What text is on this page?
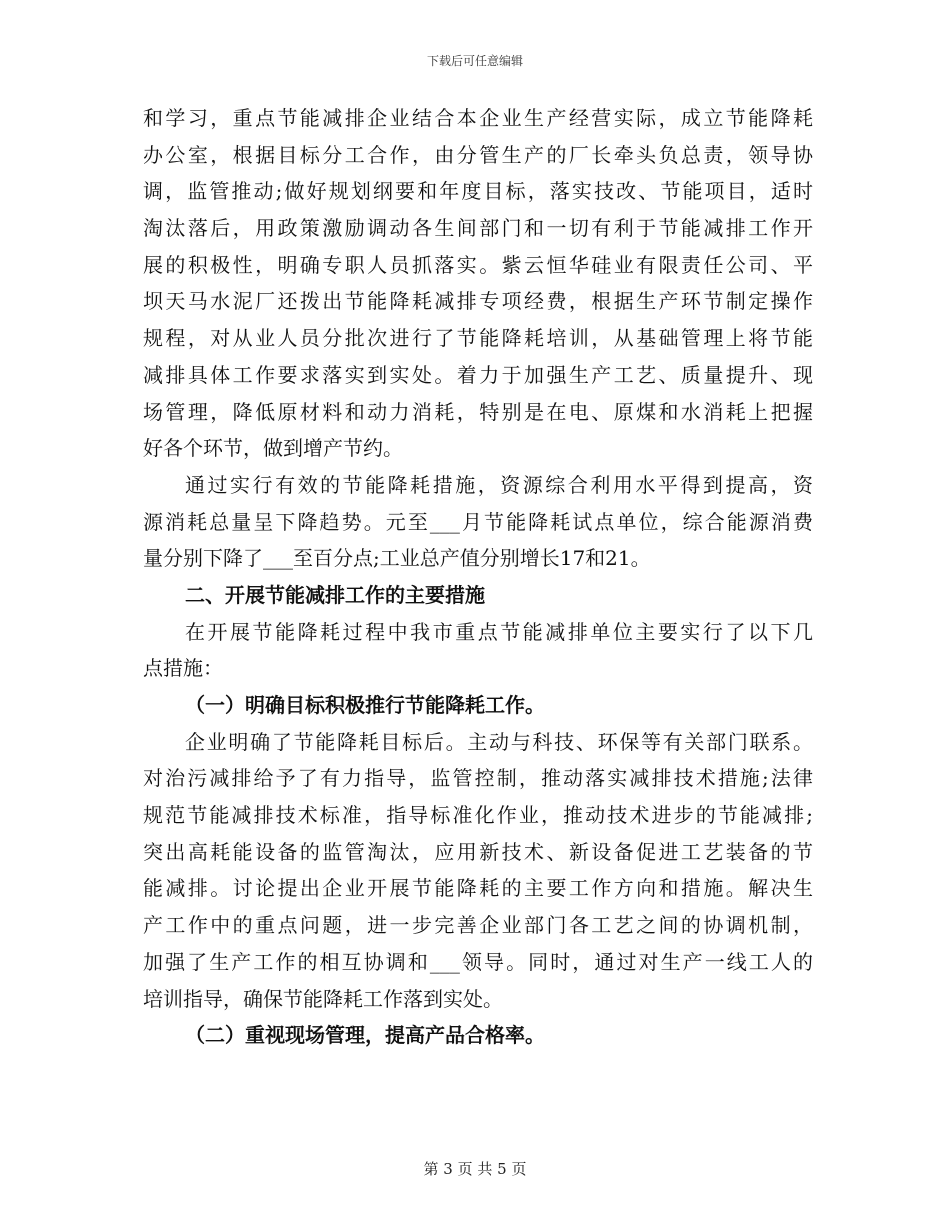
下载后可任意编辑
和学习，重点节能减排企业结合本企业生产经营实际，成立节能降耗
办公室，根据目标分工合作，由分管生产的厂长牵头负总责，领导协
调，监管推动;做好规划纲要和年度目标，落实技改、节能项目，适时
淘汰落后，用政策激励调动各生间部门和一切有利于节能减排工作开
展的积极性，明确专职人员抓落实。紫云恒华硅业有限责任公司、平
坝天马水泥厂还拨出节能降耗减排专项经费，根据生产环节制定操作
规程，对从业人员分批次进行了节能降耗培训，从基础管理上将节能
减排具体工作要求落实到实处。着力于加强生产工艺、质量提升、现
场管理，降低原材料和动力消耗，特别是在电、原煤和水消耗上把握
好各个环节，做到增产节约。
通过实行有效的节能降耗措施，资源综合利用水平得到提高，资
源消耗总量呈下降趋势。元至___月节能降耗试点单位，综合能源消费
量分别下降了___至百分点;工业总产值分别增长17和21。
二、开展节能减排工作的主要措施
在开展节能降耗过程中我市重点节能减排单位主要实行了以下几
点措施：
（一）明确目标积极推行节能降耗工作。
企业明确了节能降耗目标后。主动与科技、环保等有关部门联系。
对治污减排给予了有力指导，监管控制，推动落实减排技术措施;法律
规范节能减排技术标准，指导标准化作业，推动技术进步的节能减排;
突出高耗能设备的监管淘汰，应用新技术、新设备促进工艺装备的节
能减排。讨论提出企业开展节能降耗的主要工作方向和措施。解决生
产工作中的重点问题，进一步完善企业部门各工艺之间的协调机制，
加强了生产工作的相互协调和___领导。同时，通过对生产一线工人的
培训指导，确保节能降耗工作落到实处。
（二）重视现场管理，提高产品合格率。
第 3 页 共 5 页
